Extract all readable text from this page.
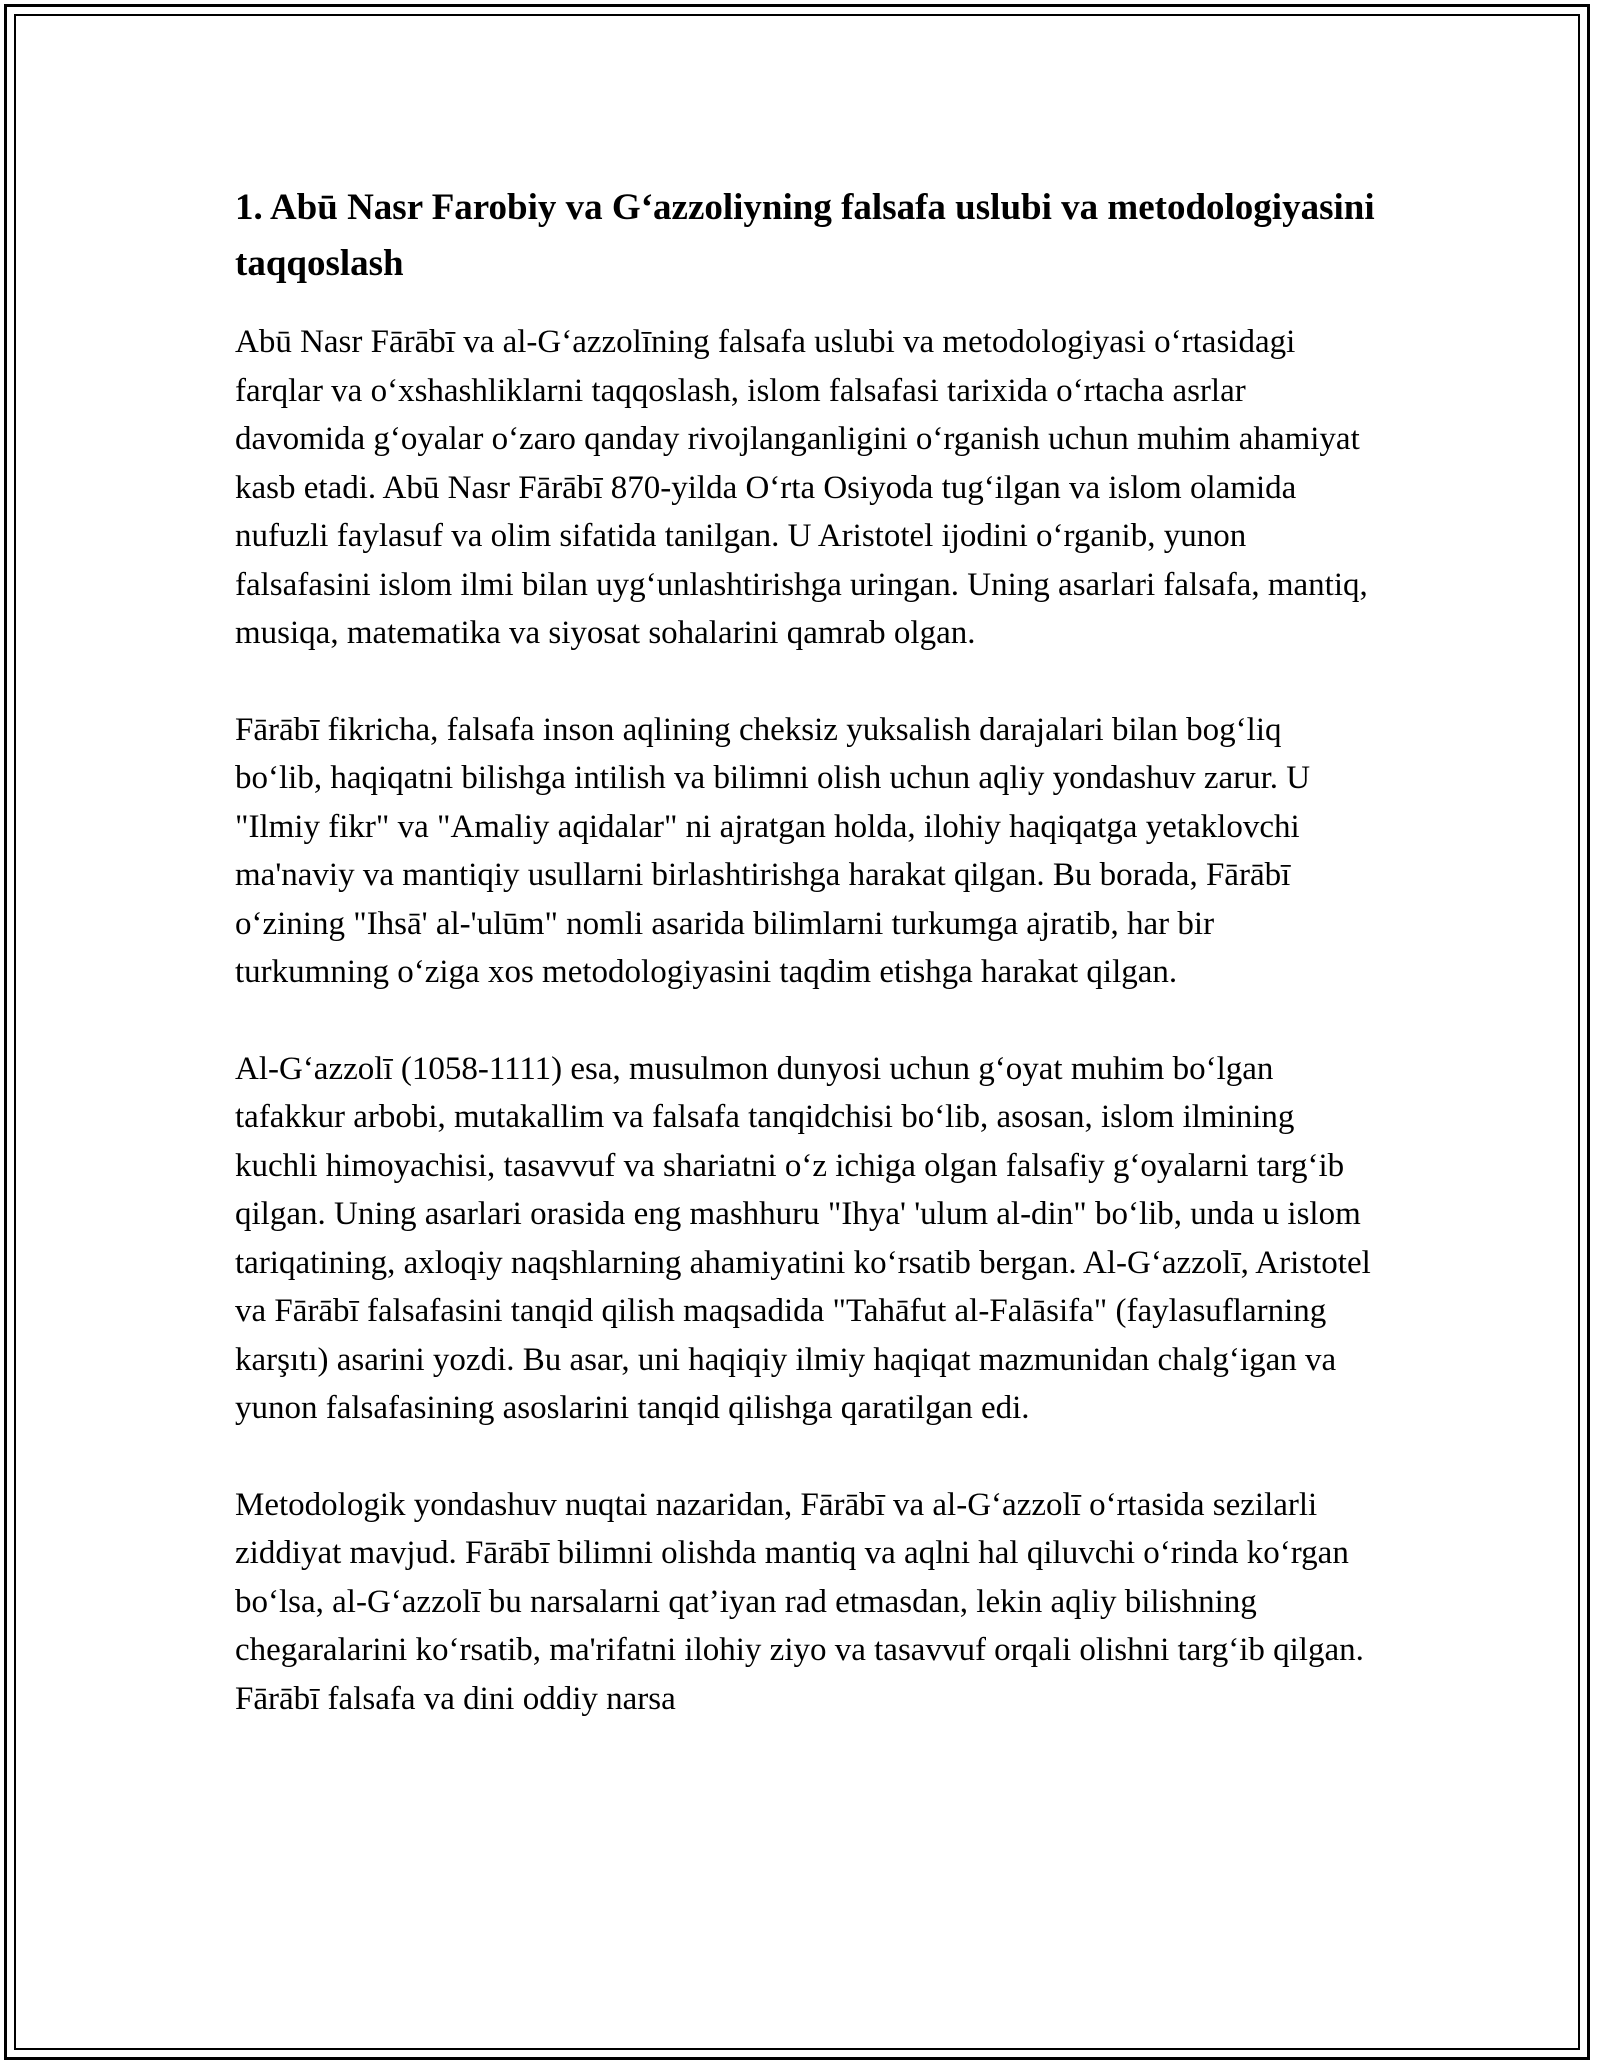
1. Abū Nasr Farobiy va G‘azzoliyning falsafa uslubi va metodologiyasini taqqoslash

Abū Nasr Fārābī va al-G‘azzolīning falsafa uslubi va metodologiyasi o‘rtasidagi farqlar va o‘xshashliklarni taqqoslash, islom falsafasi tarixida o‘rtacha asrlar davomida g‘oyalar o‘zaro qanday rivojlanganligini o‘rganish uchun muhim ahamiyat kasb etadi. Abū Nasr Fārābī 870-yilda O‘rta Osiyoda tug‘ilgan va islom olamida nufuzli faylasuf va olim sifatida tanilgan. U Aristotel ijodini o‘rganib, yunon falsafasini islom ilmi bilan uyg‘unlashtirishga uringan. Uning asarlari falsafa, mantiq, musiqa, matematika va siyosat sohalarini qamrab olgan.

Fārābī fikricha, falsafa inson aqlining cheksiz yuksalish darajalari bilan bog‘liq bo‘lib, haqiqatni bilishga intilish va bilimni olish uchun aqliy yondashuv zarur. U "Ilmiy fikr" va "Amaliy aqidalar" ni ajratgan holda, ilohiy haqiqatga yetaklovchi ma'naviy va mantiqiy usullarni birlashtirishga harakat qilgan. Bu borada, Fārābī o‘zining "Ihsā' al-'ulūm" nomli asarida bilimlarni turkumga ajratib, har bir turkumning o‘ziga xos metodologiyasini taqdim etishga harakat qilgan.

Al-G‘azzolī (1058-1111) esa, musulmon dunyosi uchun g‘oyat muhim bo‘lgan tafakkur arbobi, mutakallim va falsafa tanqidchisi bo‘lib, asosan, islom ilmining kuchli himoyachisi, tasavvuf va shariatni o‘z ichiga olgan falsafiy g‘oyalarni targ‘ib qilgan. Uning asarlari orasida eng mashhuru "Ihya' 'ulum al-din" bo‘lib, unda u islom tariqatining, axloqiy naqshlarning ahamiyatini ko‘rsatib bergan. Al-G‘azzolī, Aristotel va Fārābī falsafasini tanqid qilish maqsadida "Tahāfut al-Falāsifa" (faylasuflarning karşıtı) asarini yozdi. Bu asar, uni haqiqiy ilmiy haqiqat mazmunidan chalg‘igan va yunon falsafasining asoslarini tanqid qilishga qaratilgan edi.

Metodologik yondashuv nuqtai nazaridan, Fārābī va al-G‘azzolī o‘rtasida sezilarli ziddiyat mavjud. Fārābī bilimni olishda mantiq va aqlni hal qiluvchi o‘rinda ko‘rgan bo‘lsa, al-G‘azzolī bu narsalarni qat’iyan rad etmasdan, lekin aqliy bilishning chegaralarini ko‘rsatib, ma'rifatni ilohiy ziyo va tasavvuf orqali olishni targ‘ib qilgan. Fārābī falsafa va dini oddiy narsa
